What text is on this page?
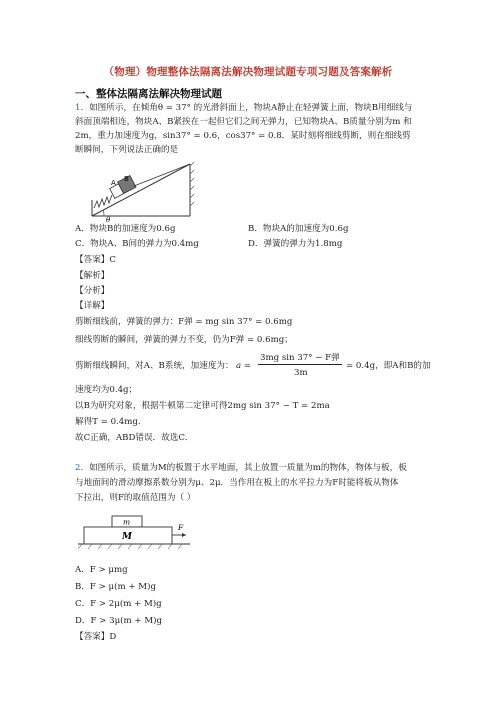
（物理）物理整体法隔离法解决物理试题专项习题及答案解析
一、整体法隔离法解决物理试题
1．如图所示，在倾角θ = 37° 的光滑斜面上，物块A静止在轻弹簧上面，物块B用细线与
斜面顶端相连，物块A、B紧挨在一起但它们之间无弹力，已知物块A、B质量分别为m 和
2m，重力加速度为g，sin37° = 0.6，cos37° = 0.8．某时刻将细线剪断，则在细线剪
断瞬间，下列说法正确的是
A B
θ
A．物块B的加速度为0.6g	B．物块A的加速度为0.6g
C．物块A、B间的弹力为0.4mg	D．弹簧的弹力为1.8mg
【答案】C
【解析】
【分析】
【详解】
剪断细线前，弹簧的弹力：F弹 = mg sin 37° = 0.6mg
细线剪断的瞬间，弹簧的弹力不变，仍为F弹 = 0.6mg；
剪断细线瞬间，对A、B系统，加速度为： a =
3mg sin 37° − F弹
3m
= 0.4g，即A和B的加
速度均为0.4g；
以B为研究对象，根据牛顿第二定律可得2mg sin 37° − T = 2ma
解得T = 0.4mg．
故C正确，ABD错误．故选C．
2．如图所示，质量为M的板置于水平地面，其上放置一质量为m的物体，物体与板，板
与地面间的滑动摩擦系数分别为μ、2μ．当作用在板上的水平拉力为F时能将板从物体
下拉出，则F的取值范围为（ ）
m
M
F
A．F > μmg
B．F > μ(m + M)g
C．F > 2μ(m + M)g
D．F > 3μ(m + M)g
【答案】D
